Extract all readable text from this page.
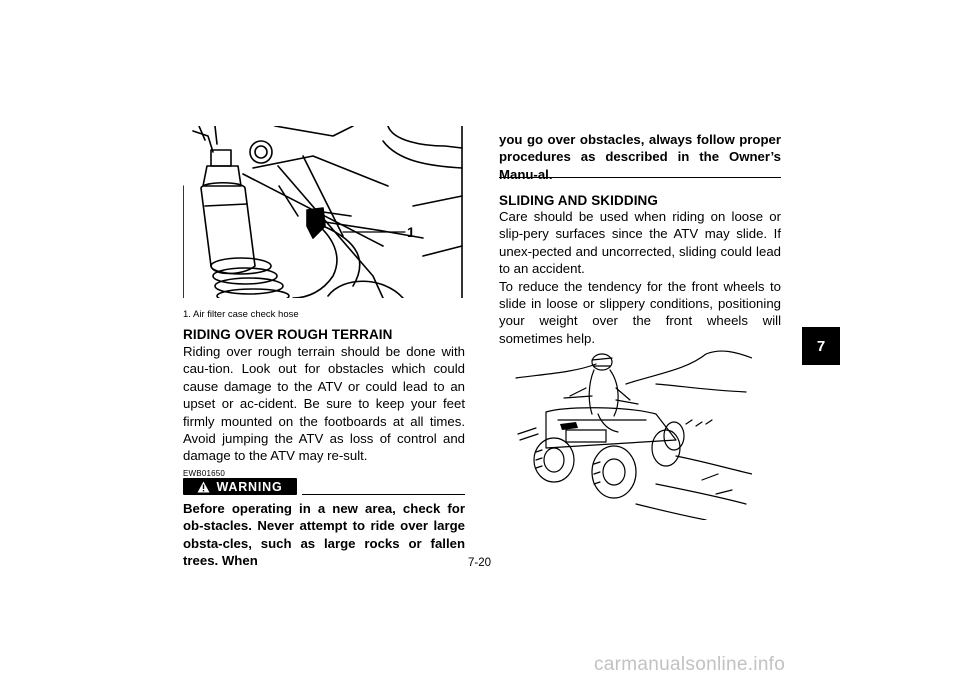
1
1. Air filter case check hose
RIDING OVER ROUGH TERRAIN

Riding over rough terrain should be done with cau-tion. Look out for obstacles which could cause damage to the ATV or could lead to an upset or ac-cident. Be sure to keep your feet firmly mounted on the footboards at all times. Avoid jumping the ATV as loss of control and damage to the ATV may re-sult.

EWB01650
WARNING

Before operating in a new area, check for ob-stacles. Never attempt to ride over large obsta-cles, such as large rocks or fallen trees. When

you go over obstacles, always follow proper procedures as described in the Owner’s Manu-al.

SLIDING AND SKIDDING

Care should be used when riding on loose or slip-pery surfaces since the ATV may slide. If unex-pected and uncorrected, sliding could lead to an accident.

To reduce the tendency for the front wheels to slide in loose or slippery conditions, positioning your weight over the front wheels will sometimes help.

7-20
7
carmanualsonline.info
